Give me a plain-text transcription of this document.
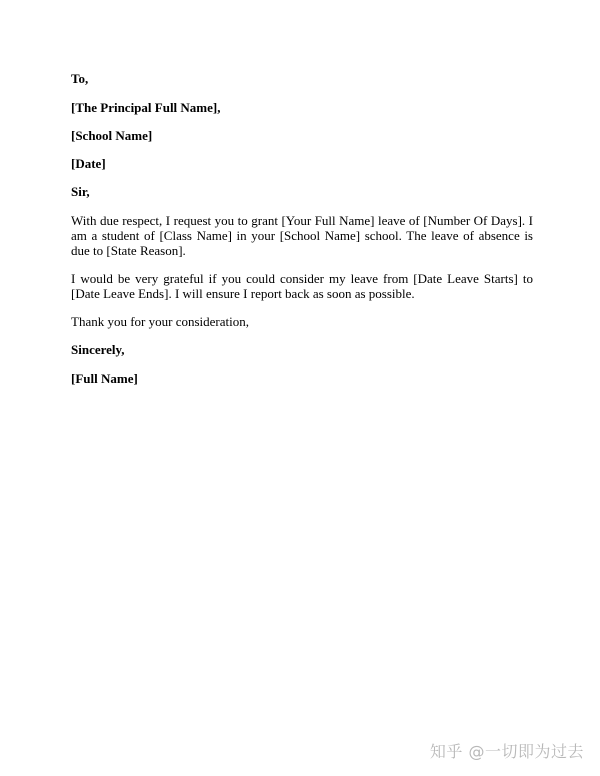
To,
[The Principal Full Name],
[School Name]
[Date]
Sir,
With due respect, I request you to grant [Your Full Name] leave of [Number Of Days]. I am a student of [Class Name] in your [School Name] school. The leave of absence is due to [State Reason].
I would be very grateful if you could consider my leave from [Date Leave Starts] to [Date Leave Ends]. I will ensure I report back as soon as possible.
Thank you for your consideration,
Sincerely,
[Full Name]
知乎 @一切即为过去
